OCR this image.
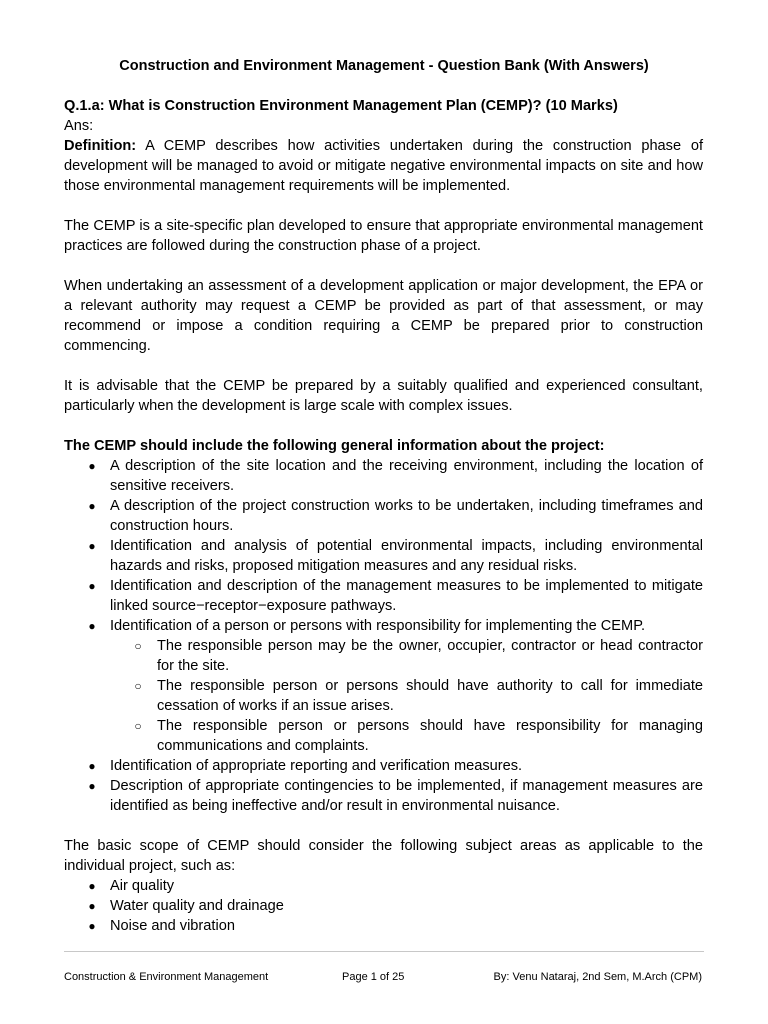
Construction and Environment Management - Question Bank (With Answers)

Q.1.a: What is Construction Environment Management Plan (CEMP)? (10 Marks)

Ans:

Definition: A CEMP describes how activities undertaken during the construction phase of development will be managed to avoid or mitigate negative environmental impacts on site and how those environmental management requirements will be implemented.

The CEMP is a site-specific plan developed to ensure that appropriate environmental management practices are followed during the construction phase of a project.

When undertaking an assessment of a development application or major development, the EPA or a relevant authority may request a CEMP be provided as part of that assessment, or may recommend or impose a condition requiring a CEMP be prepared prior to construction commencing.

It is advisable that the CEMP be prepared by a suitably qualified and experienced consultant, particularly when the development is large scale with complex issues.

The CEMP should include the following general information about the project:

● A description of the site location and the receiving environment, including the location of sensitive receivers.
● A description of the project construction works to be undertaken, including timeframes and construction hours.
● Identification and analysis of potential environmental impacts, including environmental hazards and risks, proposed mitigation measures and any residual risks.
● Identification and description of the management measures to be implemented to mitigate linked source−receptor−exposure pathways.
● Identification of a person or persons with responsibility for implementing the CEMP.
○ The responsible person may be the owner, occupier, contractor or head contractor for the site.
○ The responsible person or persons should have authority to call for immediate cessation of works if an issue arises.
○ The responsible person or persons should have responsibility for managing communications and complaints.
● Identification of appropriate reporting and verification measures.
● Description of appropriate contingencies to be implemented, if management measures are identified as being ineffective and/or result in environmental nuisance.

The basic scope of CEMP should consider the following subject areas as applicable to the individual project, such as:

● Air quality
● Water quality and drainage
● Noise and vibration
Construction & Environment Management	Page 1 of 25	By: Venu Nataraj, 2nd Sem, M.Arch (CPM)
